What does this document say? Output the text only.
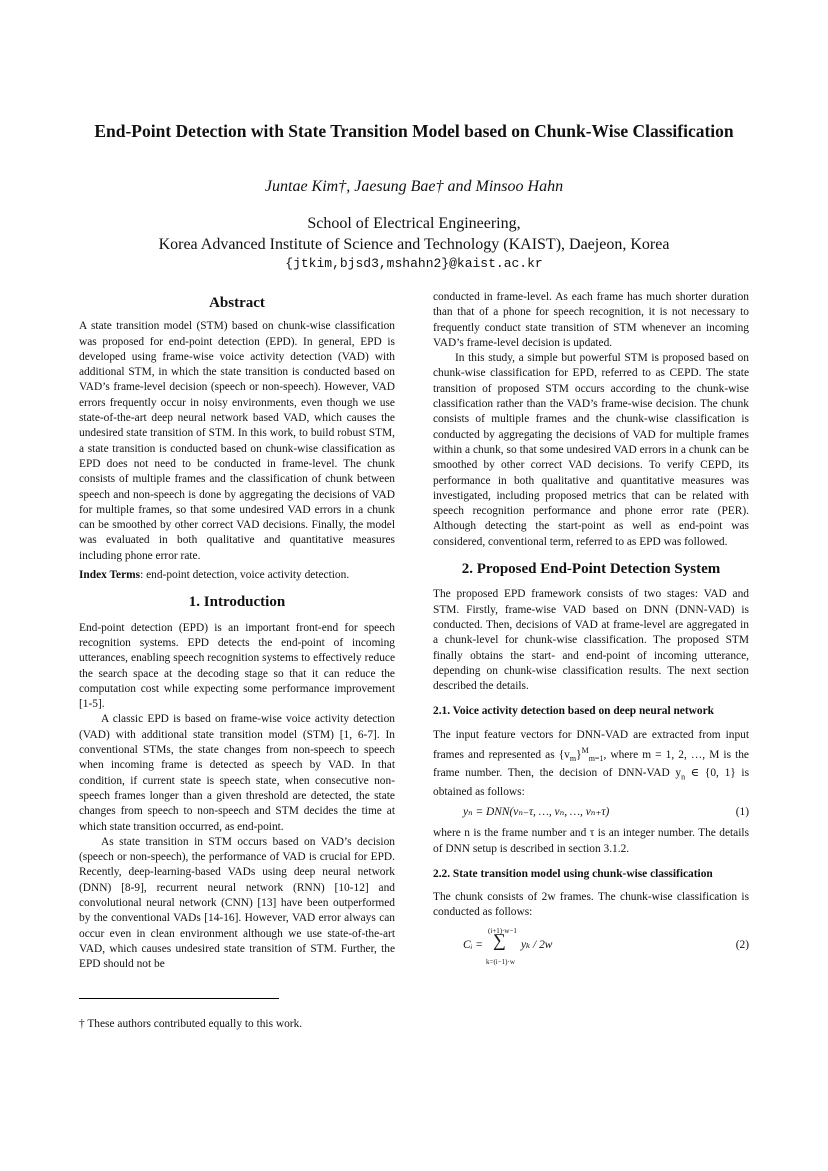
End-Point Detection with State Transition Model based on Chunk-Wise Classification
Juntae Kim†, Jaesung Bae† and Minsoo Hahn
School of Electrical Engineering,
Korea Advanced Institute of Science and Technology (KAIST), Daejeon, Korea
{jtkim,bjsd3,mshahn2}@kaist.ac.kr
Abstract

A state transition model (STM) based on chunk-wise classification was proposed for end-point detection (EPD). In general, EPD is developed using frame-wise voice activity detection (VAD) with additional STM, in which the state transition is conducted based on VAD’s frame-level decision (speech or non-speech). However, VAD errors frequently occur in noisy environments, even though we use state-of-the-art deep neural network based VAD, which causes the undesired state transition of STM. In this work, to build robust STM, a state transition is conducted based on chunk-wise classification as EPD does not need to be conducted in frame-level. The chunk consists of multiple frames and the classification of chunk between speech and non-speech is done by aggregating the decisions of VAD for multiple frames, so that some undesired VAD errors in a chunk can be smoothed by other correct VAD decisions. Finally, the model was evaluated in both qualitative and quantitative measures including phone error rate.

Index Terms: end-point detection, voice activity detection.

1. Introduction

End-point detection (EPD) is an important front-end for speech recognition systems. EPD detects the end-point of incoming utterances, enabling speech recognition systems to effectively reduce the search space at the decoding stage so that it can reduce the computation cost while expecting some performance improvement [1-5].

A classic EPD is based on frame-wise voice activity detection (VAD) with additional state transition model (STM) [1, 6-7]. In conventional STMs, the state changes from non-speech to speech when incoming frame is detected as speech by VAD. In that condition, if current state is speech state, when consecutive non-speech frames longer than a given threshold are detected, the state changes from speech to non-speech and STM decides the time at which state transition occurred, as end-point.

As state transition in STM occurs based on VAD’s decision (speech or non-speech), the performance of VAD is crucial for EPD. Recently, deep-learning-based VADs using deep neural network (DNN) [8-9], recurrent neural network (RNN) [10-12] and convolutional neural network (CNN) [13] have been outperformed by the conventional VADs [14-16]. However, VAD error always can occur even in clean environment although we use state-of-the-art VAD, which causes undesired state transition of STM. Further, the EPD should not be

conducted in frame-level. As each frame has much shorter duration than that of a phone for speech recognition, it is not necessary to frequently conduct state transition of STM whenever an incoming VAD’s frame-level decision is updated.

In this study, a simple but powerful STM is proposed based on chunk-wise classification for EPD, referred to as CEPD. The state transition of proposed STM occurs according to the chunk-wise classification rather than the VAD’s frame-wise decision. The chunk consists of multiple frames and the chunk-wise classification is conducted by aggregating the decisions of VAD for multiple frames within a chunk, so that some undesired VAD errors in a chunk can be smoothed by other correct VAD decisions. To verify CEPD, its performance in both qualitative and quantitative measures was investigated, including proposed metrics that can be related with speech recognition performance and phone error rate (PER). Although detecting the start-point as well as end-point was considered, conventional term, referred to as EPD was followed.

2. Proposed End-Point Detection System

The proposed EPD framework consists of two stages: VAD and STM. Firstly, frame-wise VAD based on DNN (DNN-VAD) is conducted. Then, decisions of VAD at frame-level are aggregated in a chunk-level for chunk-wise classification. The proposed STM finally obtains the start- and end-point of incoming utterance, depending on chunk-wise classification results. The next section described the details.

2.1. Voice activity detection based on deep neural network

The input feature vectors for DNN-VAD are extracted from input frames and represented as $\{v_m\}^M_{m=1}$, where m = 1, 2, …, M is the frame number. Then, the decision of DNN-VAD $y_n$ ∈ {0, 1} is obtained as follows:

yₙ = DNN(vₙ₋τ, …, vₙ, …, vₙ₊τ)	(1)

where n is the frame number and τ is an integer number. The details of DNN setup is described in section 3.1.2.

2.2. State transition model using chunk-wise classification

The chunk consists of 2w frames. The chunk-wise classification is conducted as follows:

Cᵢ =
(i+1)·w−1
∑
k=(i−1)·w
yₖ / 2w	(2)
† These authors contributed equally to this work.
